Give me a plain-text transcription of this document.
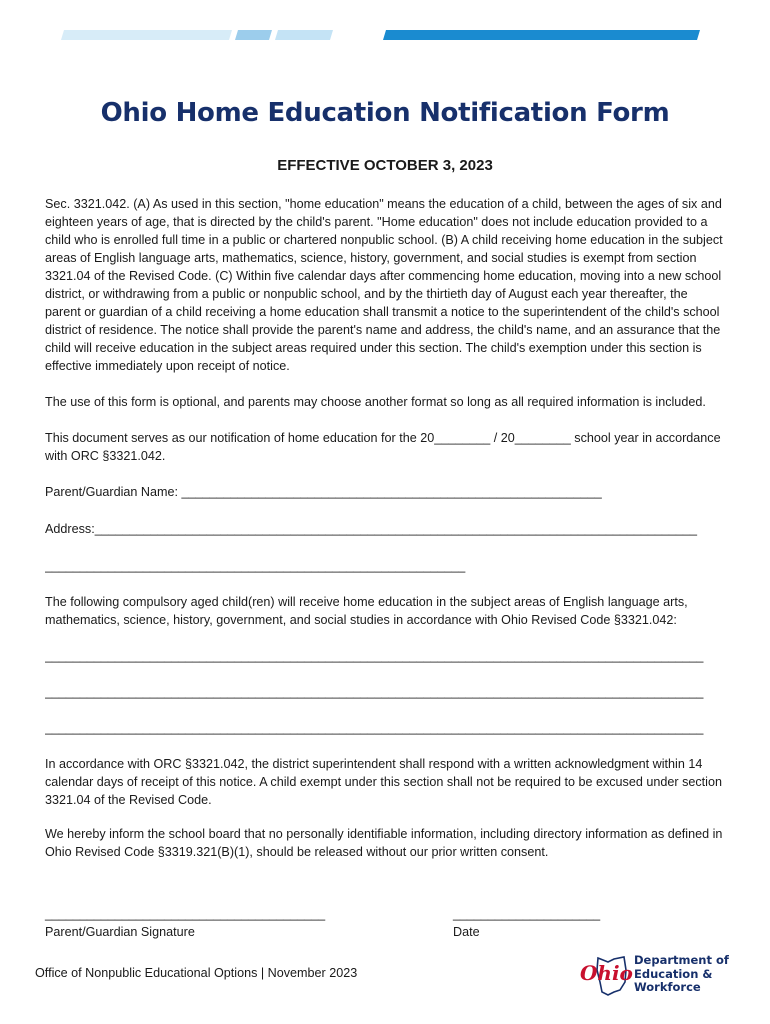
Ohio Home Education Notification Form
EFFECTIVE OCTOBER 3, 2023

Sec. 3321.042. (A) As used in this section, "home education" means the education of a child, between the ages of six and eighteen years of age, that is directed by the child's parent. "Home education" does not include education provided to a child who is enrolled full time in a public or chartered nonpublic school. (B) A child receiving home education in the subject areas of English language arts, mathematics, science, history, government, and social studies is exempt from section 3321.04 of the Revised Code. (C) Within five calendar days after commencing home education, moving into a new school district, or withdrawing from a public or nonpublic school, and by the thirtieth day of August each year thereafter, the parent or guardian of a child receiving a home education shall transmit a notice to the superintendent of the child's school district of residence. The notice shall provide the parent's name and address, the child's name, and an assurance that the child will receive education in the subject areas required under this section. The child's exemption under this section is effective immediately upon receipt of notice.

The use of this form is optional, and parents may choose another format so long as all required information is included.

This document serves as our notification of home education for the 20________ / 20________ school year in accordance with ORC §3321.042.

Parent/Guardian Name: ____________________________________________________________

Address:______________________________________________________________________________________

____________________________________________________________

The following compulsory aged child(ren) will receive home education in the subject areas of English language arts, mathematics, science, history, government, and social studies in accordance with Ohio Revised Code §3321.042:

______________________________________________________________________________________________

______________________________________________________________________________________________

______________________________________________________________________________________________

In accordance with ORC §3321.042, the district superintendent shall respond with a written acknowledgment within 14 calendar days of receipt of this notice. A child exempt under this section shall not be required to be excused under section 3321.04 of the Revised Code.

We hereby inform the school board that no personally identifiable information, including directory information as defined in Ohio Revised Code §3319.321(B)(1), should be released without our prior written consent.

________________________________________
Parent/Guardian Signature
_____________________
Date
Office of Nonpublic Educational Options | November 2023	Ohio
Department of
Education &
Workforce
